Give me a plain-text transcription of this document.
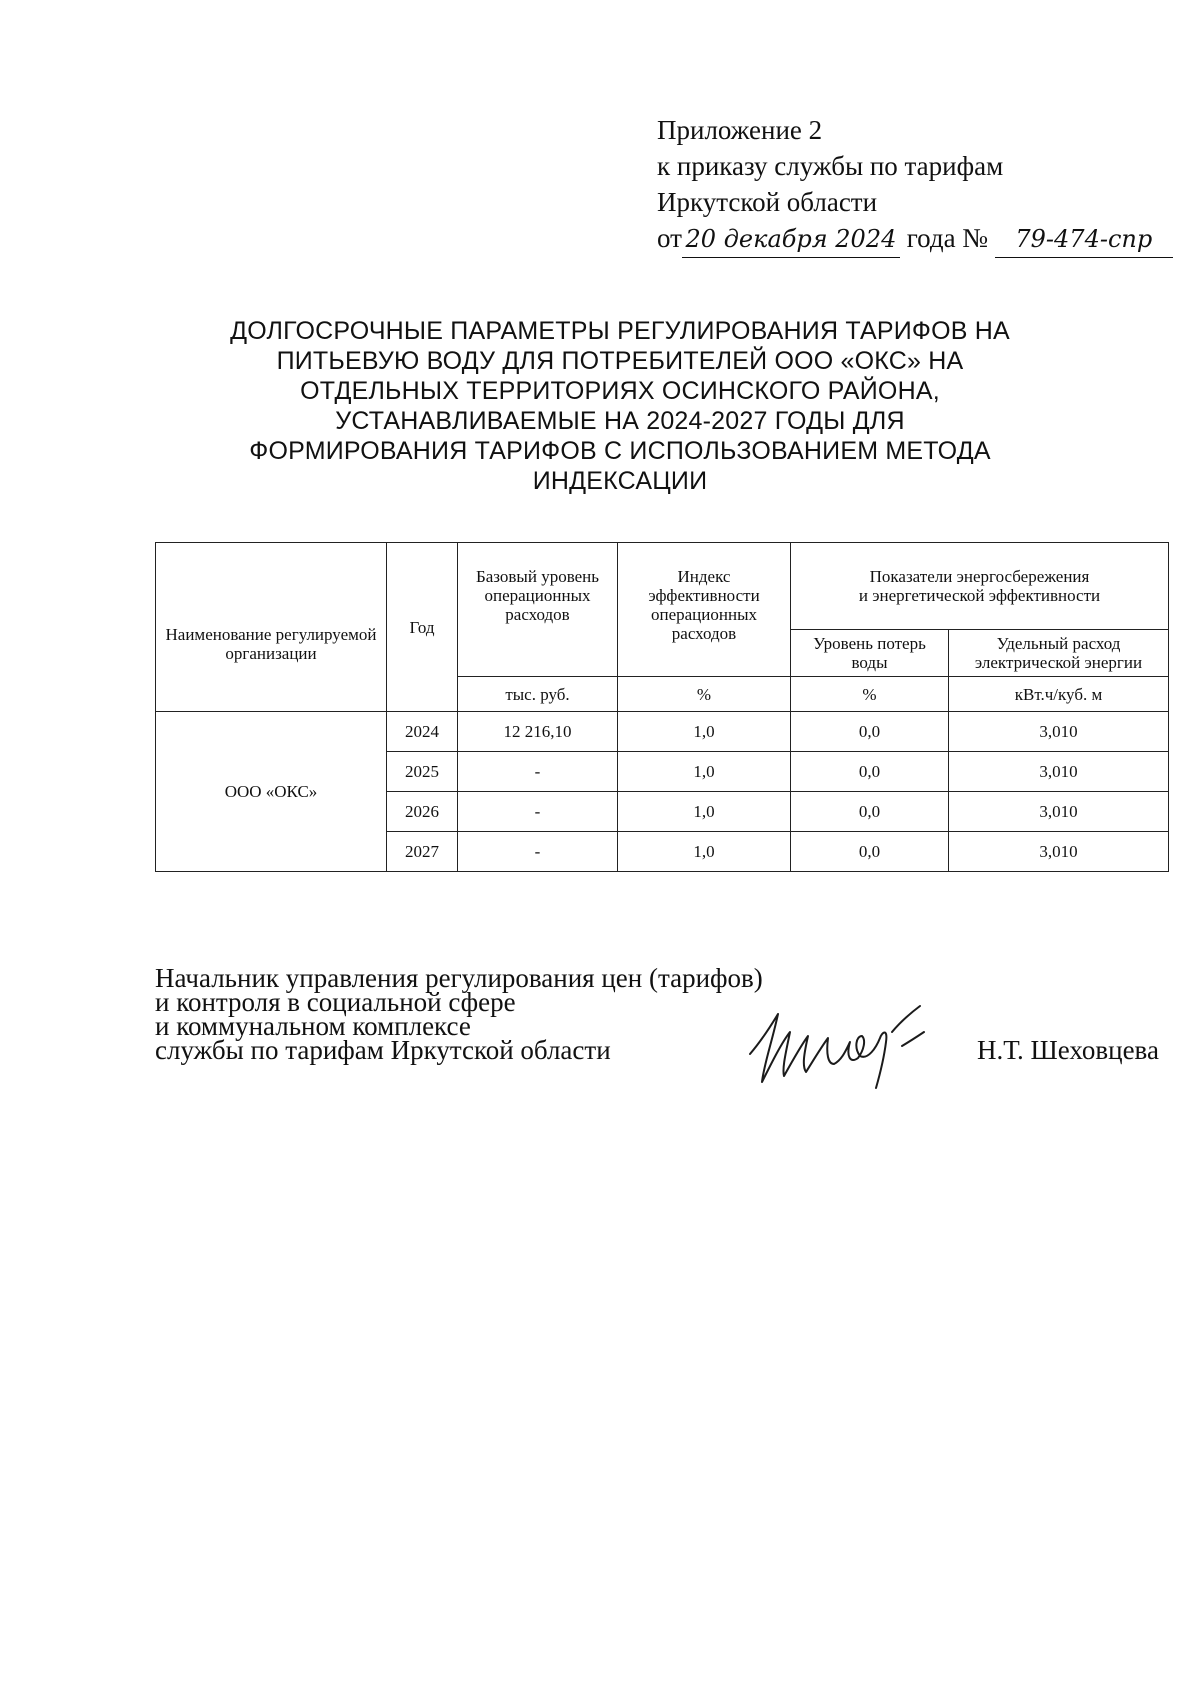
Приложение 2
к приказу службы по тарифам
Иркутской области
от 20 декабря 2024 года № 79-474-спр
ДОЛГОСРОЧНЫЕ ПАРАМЕТРЫ РЕГУЛИРОВАНИЯ ТАРИФОВ НА
ПИТЬЕВУЮ ВОДУ ДЛЯ ПОТРЕБИТЕЛЕЙ ООО «ОКС» НА
ОТДЕЛЬНЫХ ТЕРРИТОРИЯХ ОСИНСКОГО РАЙОНА,
УСТАНАВЛИВАЕМЫЕ НА 2024-2027 ГОДЫ ДЛЯ
ФОРМИРОВАНИЯ ТАРИФОВ С ИСПОЛЬЗОВАНИЕМ МЕТОДА
ИНДЕКСАЦИИ
Наименование регулируемой организации	Год	Базовый уровень операционных расходов	Индекс эффективности операционных расходов	Показатели энергосбережения
и энергетической эффективности	
				Уровень потерь воды	Удельный расход электрической энергии
		тыс. руб.	%	%	кВт.ч/куб. м
ООО «ОКС»	2024	12 216,10	1,0	0,0	3,010
	2025	-	1,0	0,0	3,010
	2026	-	1,0	0,0	3,010
	2027	-	1,0	0,0	3,010
Начальник управления регулирования цен (тарифов)
и контроля в социальной сфере
и коммунальном комплексе
службы по тарифам Иркутской области	Н.Т. Шеховцева
